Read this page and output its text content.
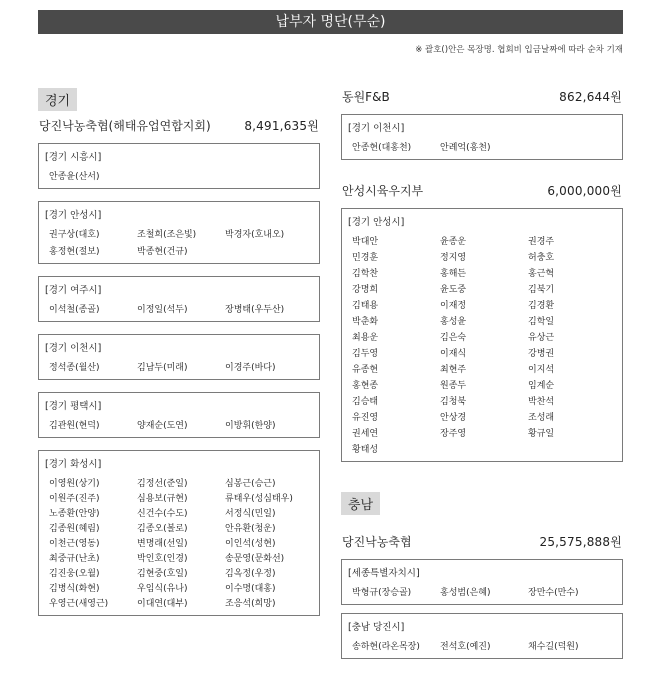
납부자 명단(무순)
※ 괄호()안은 목장명. 협회비 입금날짜에 따라 순차 기재
경기
당진낙농축협(해태유업연합지회)	8,491,635원
[경기 시흥시]
안종윤(산서)
[경기 안성시]
권구상(대호)	조철희(조은빛)	박경자(호내오)
홍정현(절보)	박종현(건규)
[경기 여주시]
이석철(종골)	이정일(석두)	장병태(우두산)
[경기 이천시]
정석종(월산)	김남두(미래)	이경주(바다)
[경기 평택시]
김관원(현덕)	양재순(도연)	이방휘(한양)
[경기 화성시]
이영원(상기)	김정선(준일)	심봉근(승근)
이원주(진주)	심용보(규현)	류태우(성심태우)
노종환(안양)	신건수(수도)	서정식(민일)
김종원(혜림)	김종오(볼로)	안유환(청운)
이천근(영동)	변명래(선일)	이인석(성현)
최중규(난초)	박인호(인경)	송문영(문화선)
김진웅(오월)	김현중(호일)	김옥정(우정)
김병식(화현)	우임식(유나)	이수명(대홍)
우영근(새영근)	이대연(대부)	조응석(희망)
동원F&B	862,644원
[경기 이천시]
안종현(대홍천)	안례억(홍천)
안성시육우지부	6,000,000원
[경기 안성시]
박대안	윤종운	권경주
민경훈	정지영	허충호
김학찬	홍해든	홍근혁
강명희	윤도중	김북기
김태용	이재정	김경환
박춘화	홍성윤	김학일
최용운	김은숙	유상근
김두영	이재식	강병권
유종현	최현주	이지석
홍현종	원종두	임계순
김승태	김청북	박찬석
유진영	안상경	조성래
권세연	장주영	황규일
황태성
충남
당진낙농축협	25,575,888원
[세종특별자치시]
박형규(장승골)	홍성범(은혜)	장만수(만수)
[충남 당진시]
송하현(라온목장)	전석호(예진)	채수길(덕원)
